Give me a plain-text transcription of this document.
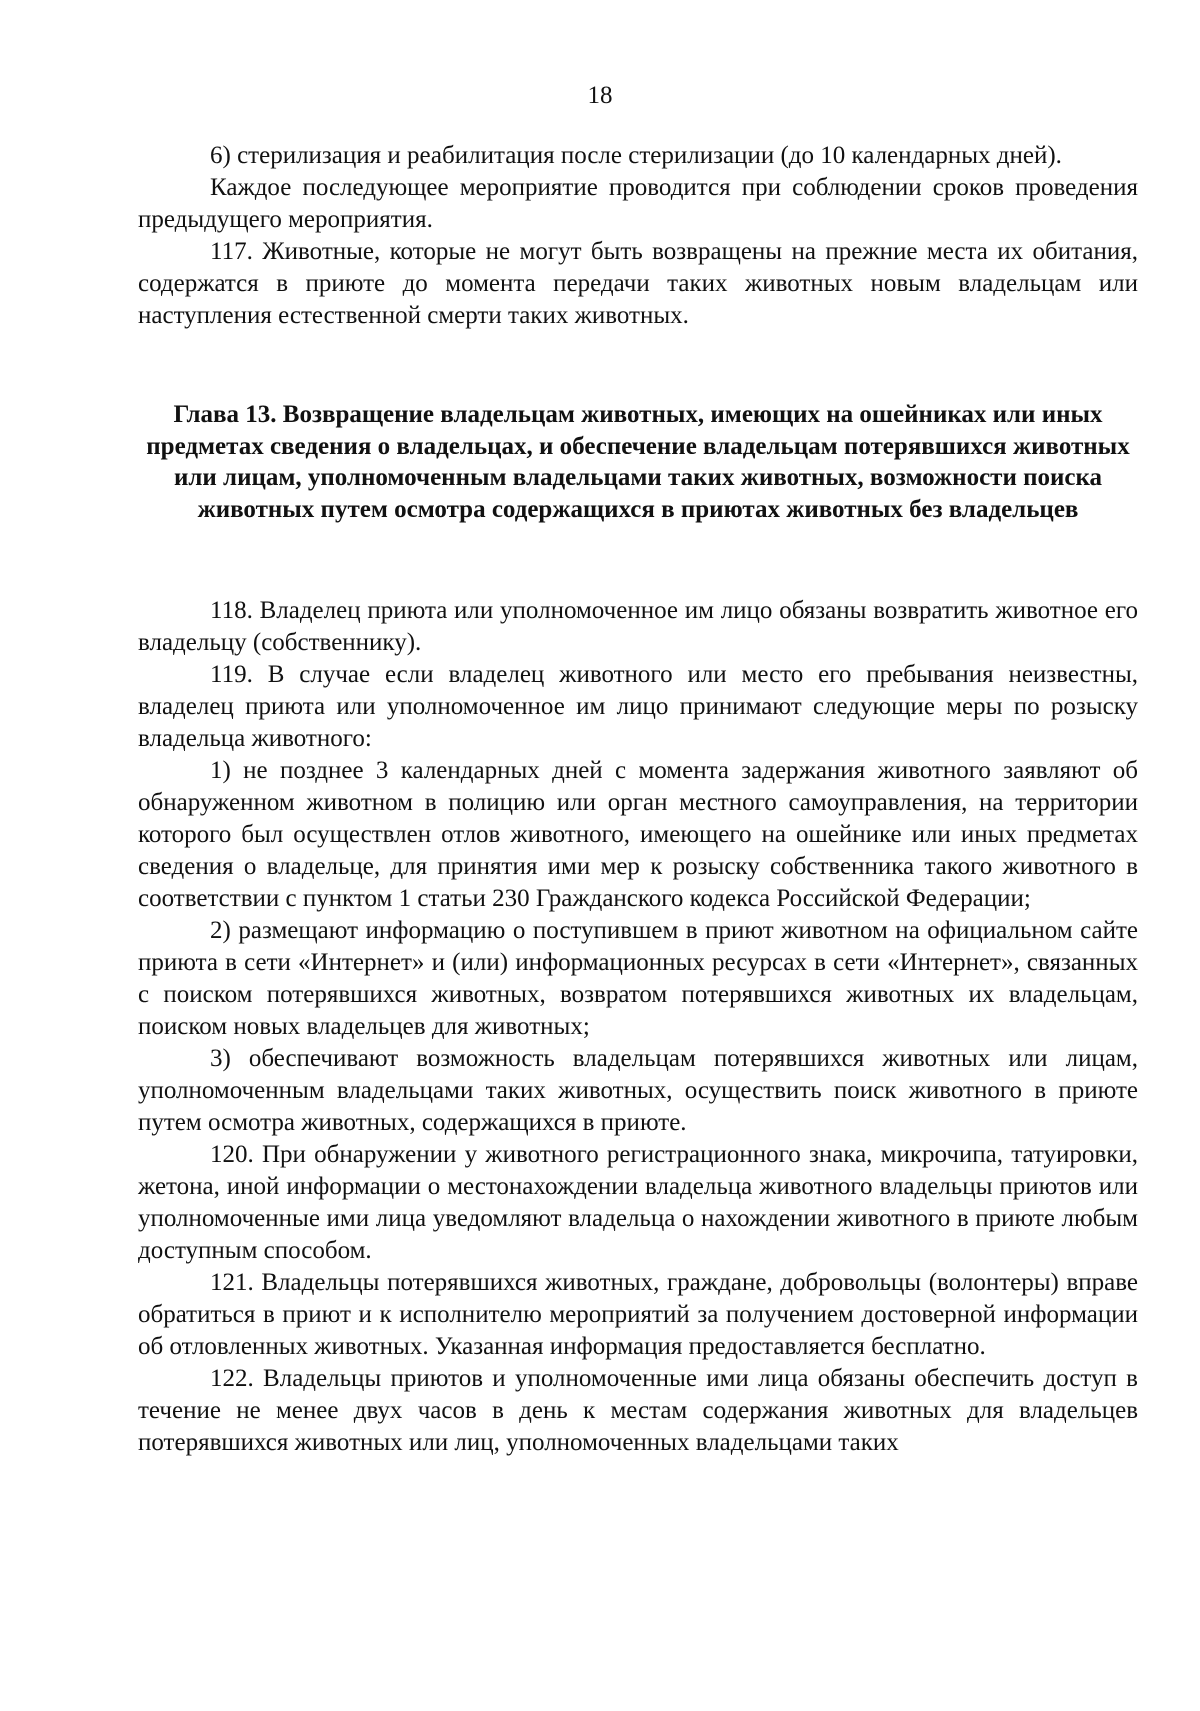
18

6) стерилизация и реабилитация после стерилизации (до 10 календарных дней).

Каждое последующее мероприятие проводится при соблюдении сроков проведения предыдущего мероприятия.

117. Животные, которые не могут быть возвращены на прежние места их обитания, содержатся в приюте до момента передачи таких животных новым владельцам или наступления естественной смерти таких животных.

Глава 13. Возвращение владельцам животных, имеющих на ошейниках или иных предметах сведения о владельцах, и обеспечение владельцам потерявшихся животных или лицам, уполномоченным владельцами таких животных, возможности поиска животных путем осмотра содержащихся в приютах животных без владельцев

118. Владелец приюта или уполномоченное им лицо обязаны возвратить животное его владельцу (собственнику).

119. В случае если владелец животного или место его пребывания неизвестны, владелец приюта или уполномоченное им лицо принимают следующие меры по розыску владельца животного:

1) не позднее 3 календарных дней с момента задержания животного заявляют об обнаруженном животном в полицию или орган местного самоуправления, на территории которого был осуществлен отлов животного, имеющего на ошейнике или иных предметах сведения о владельце, для принятия ими мер к розыску собственника такого животного в соответствии с пунктом 1 статьи 230 Гражданского кодекса Российской Федерации;

2) размещают информацию о поступившем в приют животном на официальном сайте приюта в сети «Интернет» и (или) информационных ресурсах в сети «Интернет», связанных с поиском потерявшихся животных, возвратом потерявшихся животных их владельцам, поиском новых владельцев для животных;

3) обеспечивают возможность владельцам потерявшихся животных или лицам, уполномоченным владельцами таких животных, осуществить поиск животного в приюте путем осмотра животных, содержащихся в приюте.

120. При обнаружении у животного регистрационного знака, микрочипа, татуировки, жетона, иной информации о местонахождении владельца животного владельцы приютов или уполномоченные ими лица уведомляют владельца о нахождении животного в приюте любым доступным способом.

121. Владельцы потерявшихся животных, граждане, добровольцы (волонтеры) вправе обратиться в приют и к исполнителю мероприятий за получением достоверной информации об отловленных животных. Указанная информация предоставляется бесплатно.

122. Владельцы приютов и уполномоченные ими лица обязаны обеспечить доступ в течение не менее двух часов в день к местам содержания животных для владельцев потерявшихся животных или лиц, уполномоченных владельцами таких
